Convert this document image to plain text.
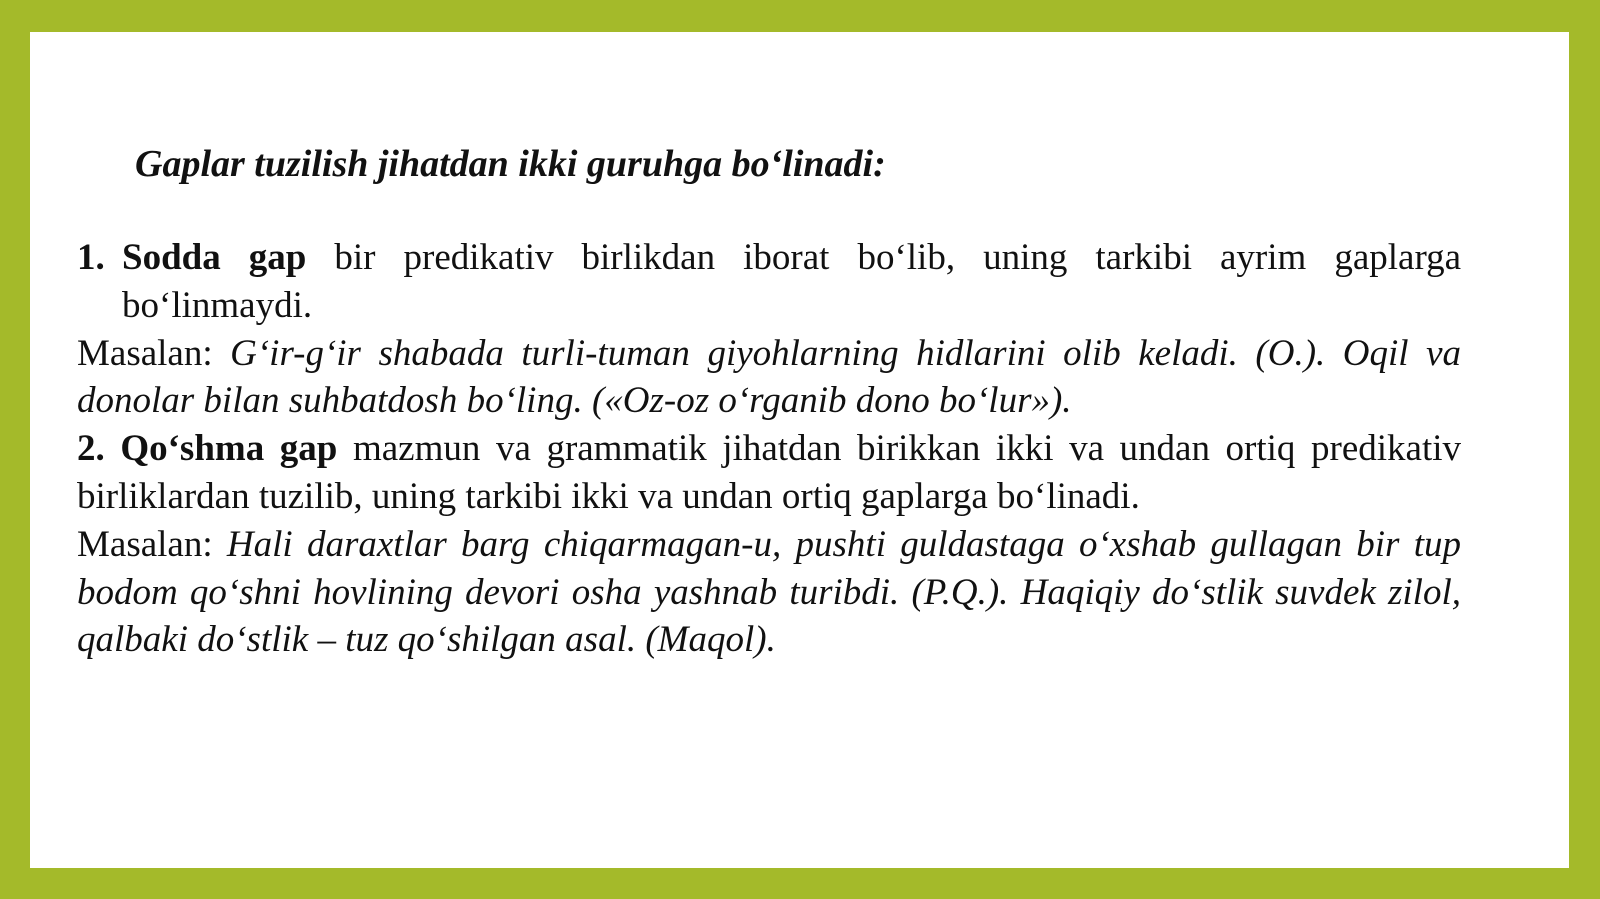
Gaplar tuzilish jihatdan ikki guruhga bo‘linadi:

1. Sodda gap bir predikativ birlikdan iborat bo‘lib, uning tarkibi ayrim gaplarga bo‘linmaydi.

Masalan: G‘ir-g‘ir shabada turli-tuman giyohlarning hidlarini olib keladi. (O.). Oqil va donolar bilan suhbatdosh bo‘ling. («Oz-oz o‘rganib dono bo‘lur»).

2. Qo‘shma gap mazmun va grammatik jihatdan birikkan ikki va undan ortiq predikativ birliklardan tuzilib, uning tarkibi ikki va undan ortiq gaplarga bo‘linadi.

Masalan: Hali daraxtlar barg chiqarmagan-u, pushti guldastaga o‘xshab gullagan bir tup bodom qo‘shni hovlining devori osha yashnab turibdi. (P.Q.). Haqiqiy do‘stlik suvdek zilol, qalbaki do‘stlik – tuz qo‘shilgan asal. (Maqol).
